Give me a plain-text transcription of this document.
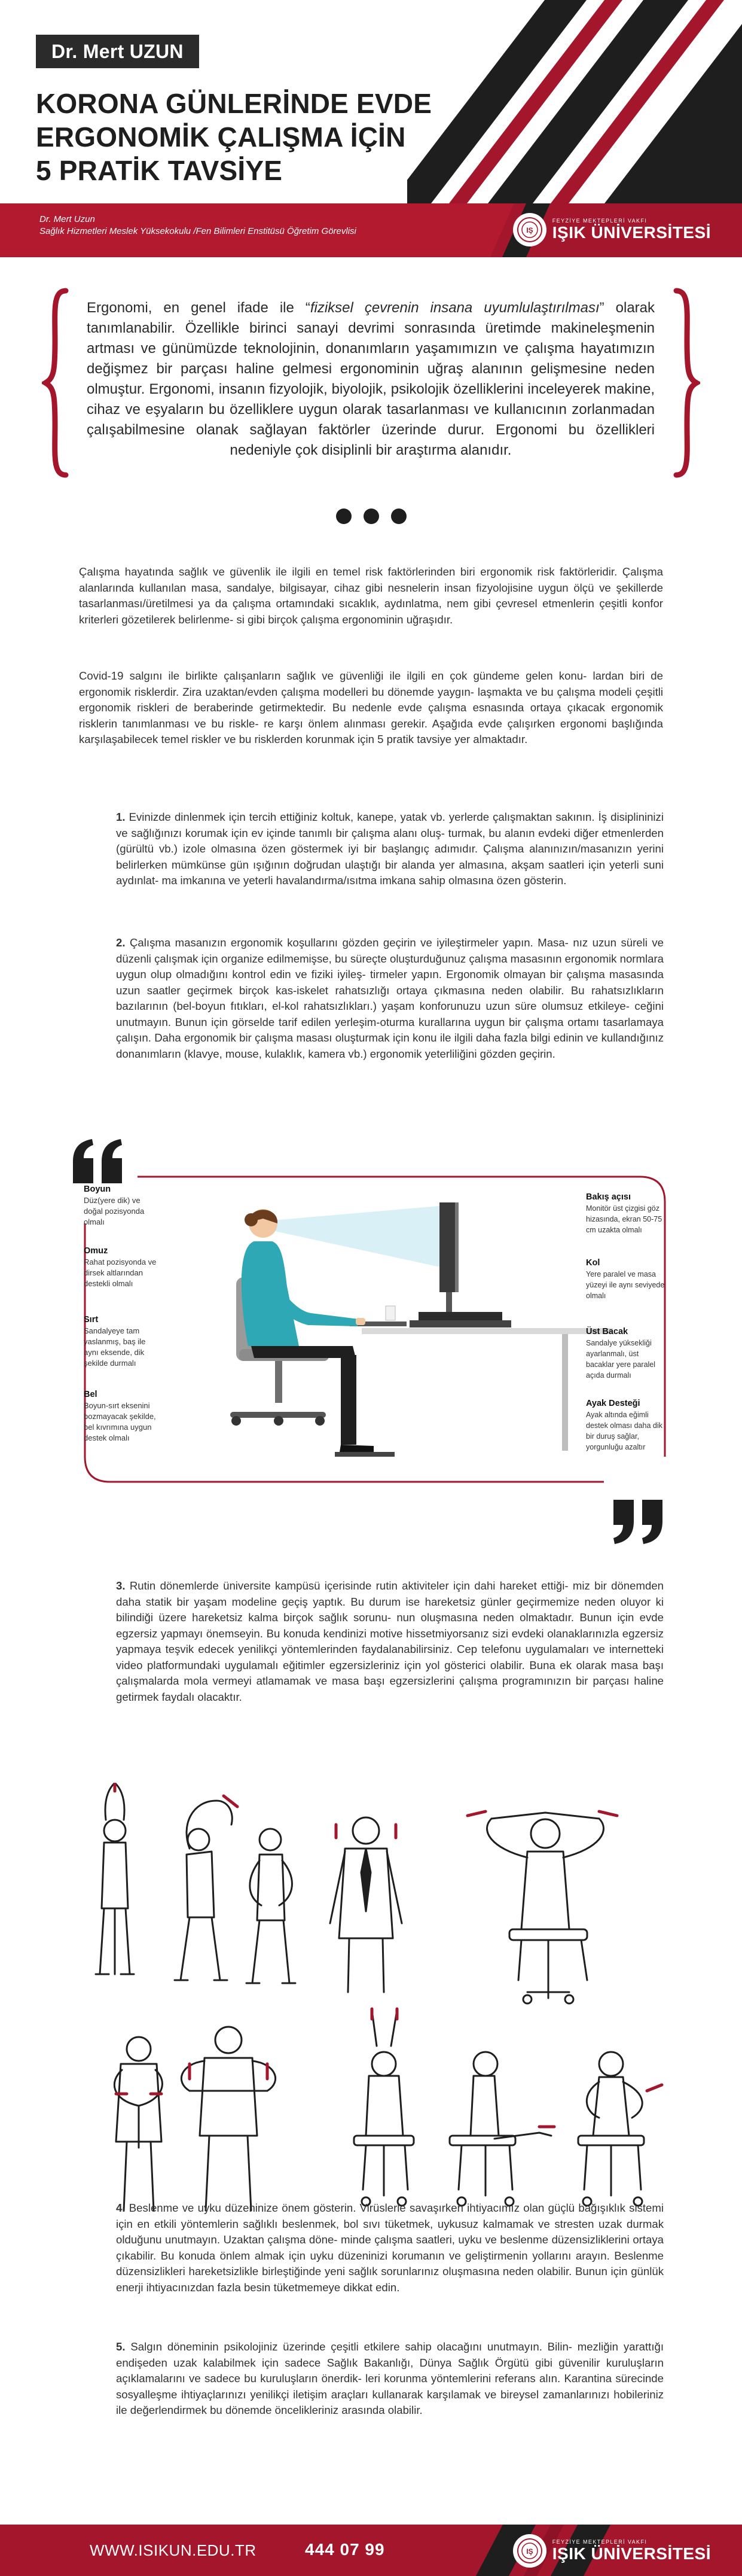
Dr. Mert UZUN
KORONA GÜNLERİNDE EVDE
ERGONOMİK ÇALIŞMA İÇİN
5 PRATİK TAVSİYE
Dr. Mert Uzun
Sağlık Hizmetleri Meslek Yüksekokulu /Fen Bilimleri Enstitüsü Öğretim Görevlisi	IŞ
FEYZİYE MEKTEPLERİ VAKFI
IŞIK ÜNİVERSİTESİ

Ergonomi, en genel ifade ile “fiziksel çevrenin insana uyumlulaştırılması” olarak tanımlanabilir. Özellikle birinci sanayi devrimi sonrasında üretimde makineleşmenin artması ve günümüzde teknolojinin, donanımların yaşamımızın ve çalışma hayatımızın değişmez bir parçası haline gelmesi ergonominin uğraş alanının gelişmesine neden olmuştur. Ergonomi, insanın fizyolojik, biyolojik, psikolojik özelliklerini inceleyerek makine, cihaz ve eşyaların bu özelliklere uygun olarak tasarlanması ve kullanıcının zorlanmadan çalışabilmesine olanak sağlayan faktörler üzerinde durur. Ergonomi bu özellikleri nedeniyle çok disiplinli bir araştırma alanıdır.

Çalışma hayatında sağlık ve güvenlik ile ilgili en temel risk faktörlerinden biri ergonomik risk faktörleridir. Çalışma alanlarında kullanılan masa, sandalye, bilgisayar, cihaz gibi nesnelerin insan fizyolojisine uygun ölçü ve şekillerde tasarlanması/üretilmesi ya da çalışma ortamındaki sıcaklık, aydınlatma, nem gibi çevresel etmenlerin çeşitli konfor kriterleri gözetilerek belirlenme- si gibi birçok çalışma ergonominin uğraşıdır.

Covid-19 salgını ile birlikte çalışanların sağlık ve güvenliği ile ilgili en çok gündeme gelen konu- lardan biri de ergonomik risklerdir. Zira uzaktan/evden çalışma modelleri bu dönemde yaygın- laşmakta ve bu çalışma modeli çeşitli ergonomik riskleri de beraberinde getirmektedir. Bu nedenle evde çalışma esnasında ortaya çıkacak ergonomik risklerin tanımlanması ve bu riskle- re karşı önlem alınması gerekir. Aşağıda evde çalışırken ergonomi başlığında karşılaşabilecek temel riskler ve bu risklerden korunmak için 5 pratik tavsiye yer almaktadır.

1. Evinizde dinlenmek için tercih ettiğiniz koltuk, kanepe, yatak vb. yerlerde çalışmaktan sakının. İş disiplininizi ve sağlığınızı korumak için ev içinde tanımlı bir çalışma alanı oluş- turmak, bu alanın evdeki diğer etmenlerden (gürültü vb.) izole olmasına özen göstermek iyi bir başlangıç adımıdır. Çalışma alanınızın/masanızın yerini belirlerken mümkünse gün ışığının doğrudan ulaştığı bir alanda yer almasına, akşam saatleri için yeterli suni aydınlat- ma imkanına ve yeterli havalandırma/ısıtma imkana sahip olmasına özen gösterin.

2. Çalışma masanızın ergonomik koşullarını gözden geçirin ve iyileştirmeler yapın. Masa- nız uzun süreli ve düzenli çalışmak için organize edilmemişse, bu süreçte oluşturduğunuz çalışma masasının ergonomik normlara uygun olup olmadığını kontrol edin ve fiziki iyileş- tirmeler yapın. Ergonomik olmayan bir çalışma masasında uzun saatler geçirmek birçok kas-iskelet rahatsızlığı ortaya çıkmasına neden olabilir. Bu rahatsızlıkların bazılarının (bel-boyun fıtıkları, el-kol rahatsızlıkları.) yaşam konforunuzu uzun süre olumsuz etkileye- ceğini unutmayın. Bunun için görselde tarif edilen yerleşim-oturma kurallarına uygun bir çalışma ortamı tasarlamaya çalışın. Daha ergonomik bir çalışma masası oluşturmak için konu ile ilgili daha fazla bilgi edinin ve kullandığınız donanımların (klavye, mouse, kulaklık, kamera vb.) ergonomik yeterliliğini gözden geçirin.

Boyun
Düz(yere dik) ve
doğal pozisyonda
olmalı
Omuz
Rahat pozisyonda ve
dirsek altlarından
destekli olmalı
Sırt
Sandalyeye tam
yaslanmış, baş ile
aynı eksende, dik
şekilde durmalı
Bel
Boyun-sırt eksenini
bozmayacak şekilde,
bel kıvrımına uygun
destek olmalı
Bakış açısı
Monitör üst çizgisi göz
hizasında, ekran 50-75
cm uzakta olmalı
Kol
Yere paralel ve masa
yüzeyi ile aynı seviyede
olmalı
Üst Bacak
Sandalye yüksekliği
ayarlanmalı, üst
bacaklar yere paralel
açıda durmalı
Ayak Desteği
Ayak altında eğimli
destek olması daha dik
bir duruş sağlar,
yorgunluğu azaltır

3. Rutin dönemlerde üniversite kampüsü içerisinde rutin aktiviteler için dahi hareket ettiği- miz bir dönemden daha statik bir yaşam modeline geçiş yaptık. Bu durum ise hareketsiz günler geçirmemize neden oluyor ki bilindiği üzere hareketsiz kalma birçok sağlık sorunu- nun oluşmasına neden olmaktadır. Bunun için evde egzersiz yapmayı önemseyin. Bu konuda kendinizi motive hissetmiyorsanız sizi evdeki olanaklarınızla egzersiz yapmaya teşvik edecek yenilikçi yöntemlerinden faydalanabilirsiniz. Cep telefonu uygulamaları ve internetteki video platformundaki uygulamalı eğitimler egzersizleriniz için yol gösterici olabilir. Buna ek olarak masa başı çalışmalarda mola vermeyi atlamamak ve masa başı egzersizlerini çalışma programınızın bir parçası haline getirmek faydalı olacaktır.

4. Beslenme ve uyku düzeninize önem gösterin. Virüslerle savaşırken ihtiyacımız olan güçlü bağışıklık sistemi için en etkili yöntemlerin sağlıklı beslenmek, bol sıvı tüketmek, uykusuz kalmamak ve stresten uzak durmak olduğunu unutmayın. Uzaktan çalışma döne- minde çalışma saatleri, uyku ve beslenme düzensizliklerini ortaya çıkabilir. Bu konuda önlem almak için uyku düzeninizi korumanın ve geliştirmenin yollarını arayın. Beslenme düzensizlikleri hareketsizlikle birleştiğinde yeni sağlık sorunlarınız oluşmasına neden olabilir. Bunun için günlük enerji ihtiyacınızdan fazla besin tüketmemeye dikkat edin.

5. Salgın döneminin psikolojiniz üzerinde çeşitli etkilere sahip olacağını unutmayın. Bilin- mezliğin yarattığı endişeden uzak kalabilmek için sadece Sağlık Bakanlığı, Dünya Sağlık Örgütü gibi güvenilir kuruluşların açıklamalarını ve sadece bu kuruluşların önerdik- leri korunma yöntemlerini referans alın. Karantina sürecinde sosyalleşme ihtiyaçlarınızı yenilikçi iletişim araçları kullanarak karşılamak ve bireysel zamanlarınızı hobileriniz ile değerlendirmek bu dönemde öncelikleriniz arasında olabilir.

WWW.ISIKUN.EDU.TR	444 07 99	IŞ
FEYZİYE MEKTEPLERİ VAKFI
IŞIK ÜNİVERSİTESİ
